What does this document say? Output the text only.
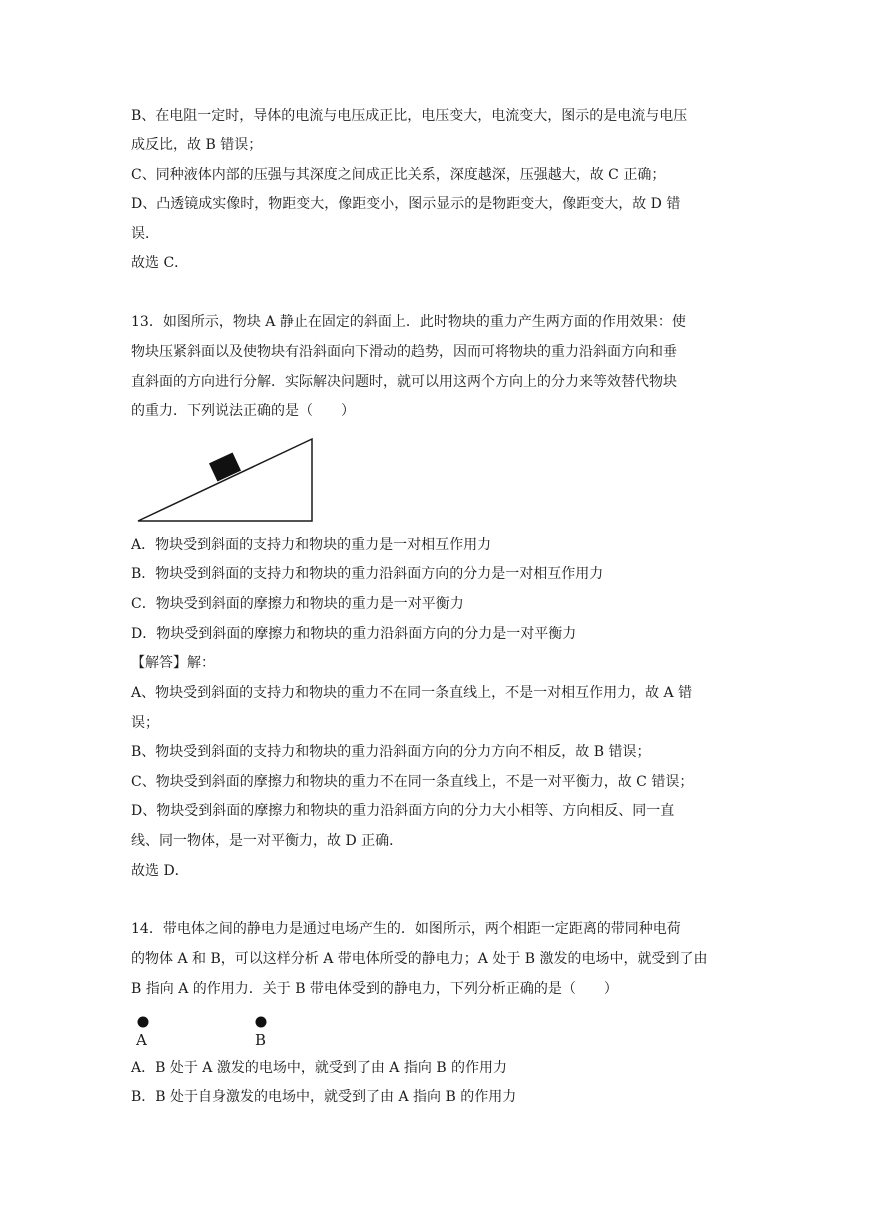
B、在电阻一定时，导体的电流与电压成正比，电压变大，电流变大，图示的是电流与电压
成反比，故 B 错误；
C、同种液体内部的压强与其深度之间成正比关系，深度越深，压强越大，故 C 正确；
D、凸透镜成实像时，物距变大，像距变小，图示显示的是物距变大，像距变大，故 D 错
误．
故选 C．
13．如图所示，物块 A 静止在固定的斜面上．此时物块的重力产生两方面的作用效果：使
物块压紧斜面以及使物块有沿斜面向下滑动的趋势，因而可将物块的重力沿斜面方向和垂
直斜面的方向进行分解．实际解决问题时，就可以用这两个方向上的分力来等效替代物块
的重力．下列说法正确的是（　　）
A．物块受到斜面的支持力和物块的重力是一对相互作用力
B．物块受到斜面的支持力和物块的重力沿斜面方向的分力是一对相互作用力
C．物块受到斜面的摩擦力和物块的重力是一对平衡力
D．物块受到斜面的摩擦力和物块的重力沿斜面方向的分力是一对平衡力
【解答】解：
A、物块受到斜面的支持力和物块的重力不在同一条直线上，不是一对相互作用力，故 A 错
误；
B、物块受到斜面的支持力和物块的重力沿斜面方向的分力方向不相反，故 B 错误；
C、物块受到斜面的摩擦力和物块的重力不在同一条直线上，不是一对平衡力，故 C 错误；
D、物块受到斜面的摩擦力和物块的重力沿斜面方向的分力大小相等、方向相反、同一直
线、同一物体，是一对平衡力，故 D 正确．
故选 D．
14．带电体之间的静电力是通过电场产生的．如图所示，两个相距一定距离的带同种电荷
的物体 A 和 B，可以这样分析 A 带电体所受的静电力；A 处于 B 激发的电场中，就受到了由
B 指向 A 的作用力．关于 B 带电体受到的静电力，下列分析正确的是（　　）
A	B
A．B 处于 A 激发的电场中，就受到了由 A 指向 B 的作用力
B．B 处于自身激发的电场中，就受到了由 A 指向 B 的作用力
